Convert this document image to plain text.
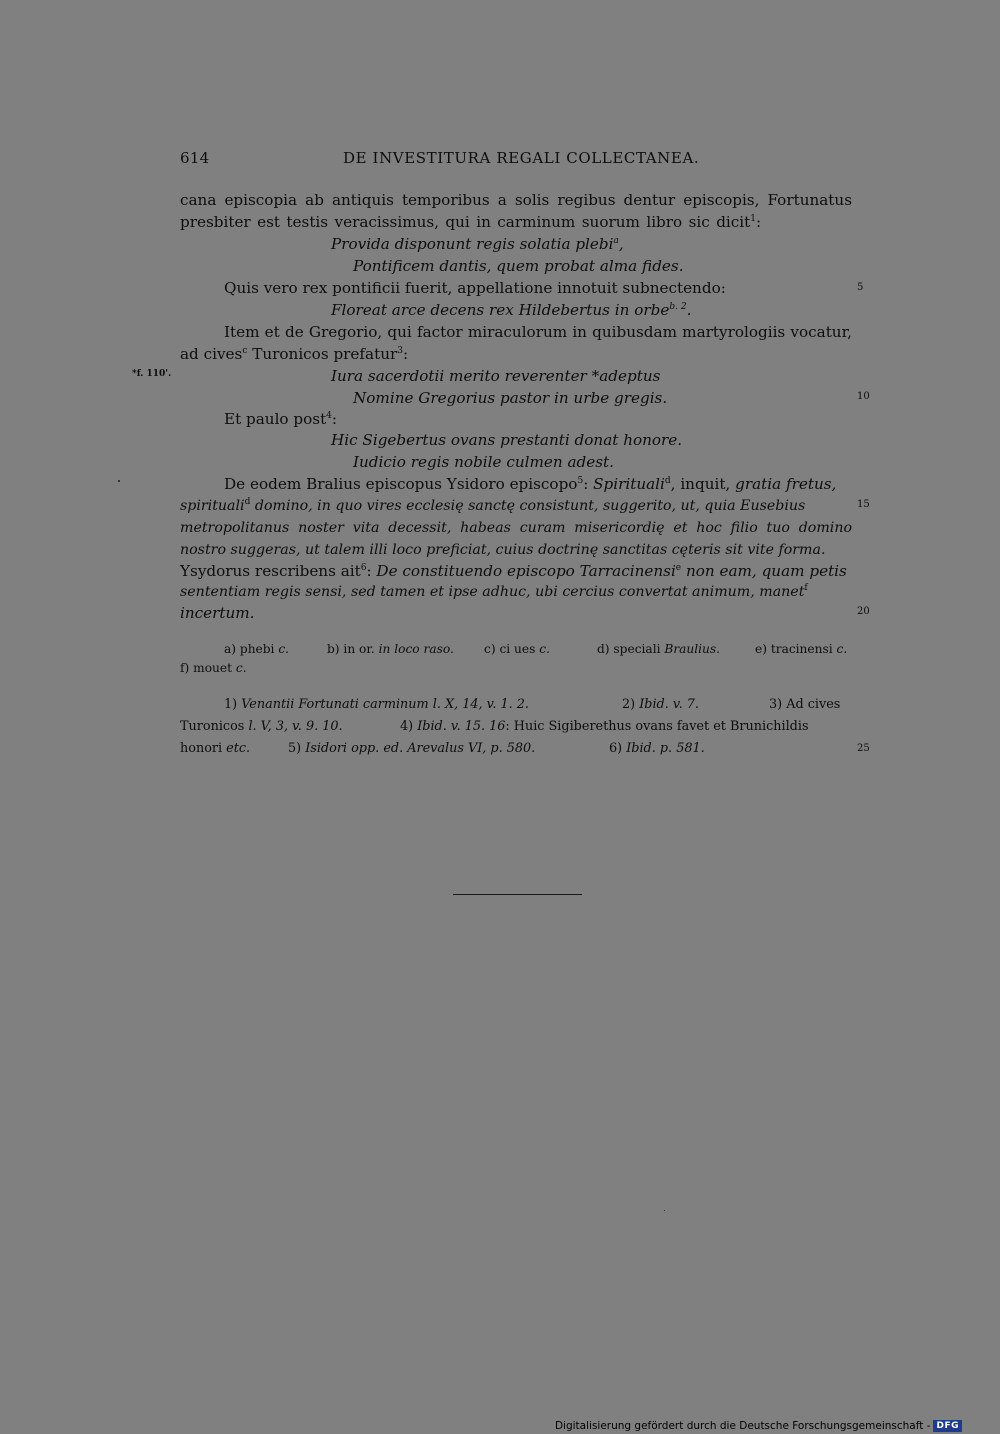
614	DE INVESTITURA REGALI COLLECTANEA.
cana episcopia ab antiquis temporibus a solis regibus dentur episcopis, Fortunatus
presbiter est testis veracissimus, qui in carminum suorum libro sic dicit$^1$:
Provida disponunt regis solatia plebi$^a$,
Pontificem dantis, quem probat alma fides.
Quis vero rex pontificii fuerit, appellatione innotuit subnectendo:	5
Floreat arce decens rex Hildebertus in orbe$^{b. 2}$.
Item et de Gregorio, qui factor miraculorum in quibusdam martyrologiis vocatur,
ad cives$^c$ Turonicos prefatur$^3$:
*f. 110'.	Iura sacerdotii merito reverenter *adeptus
Nomine Gregorius pastor in urbe gregis.	10
Et paulo post$^4$:
Hic Sigebertus ovans prestanti donat honore.
Iudicio regis nobile culmen adest.
De eodem Bralius episcopus Ysidoro episcopo$^5$: Spirituali$^d$, inquit, gratia fretus,
spirituali$^d$ domino, in quo vires ecclesię sanctę consistunt, suggerito, ut, quia Eusebius	15
metropolitanus noster vita decessit, habeas curam misericordię et hoc filio tuo domino
nostro suggeras, ut talem illi loco preficiat, cuius doctrinę sanctitas cęteris sit vite forma.
Ysydorus rescribens ait$^6$: De constituendo episcopo Tarracinensi$^e$ non eam, quam petis
sententiam regis sensi, sed tamen et ipse adhuc, ubi cercius convertat animum, manet$^f$
incertum.	20
a) phebi c.	b) in or. in loco raso. c) ci ues c.	d) speciali Braulius.	e) tracinensi c.
f) mouet c.
1) Venantii Fortunati carminum l. X, 14, v. 1. 2.	2) Ibid. v. 7.	3) Ad cives
Turonicos l. V, 3, v. 9. 10.	4) Ibid. v. 15. 16: Huic Sigiberethus ovans favet et Brunichildis
honori etc.	5) Isidori opp. ed. Arevalus VI, p. 580.	6) Ibid. p. 581.	25
Digitalisierung gefördert durch die Deutsche Forschungsgemeinschaft - DFG
